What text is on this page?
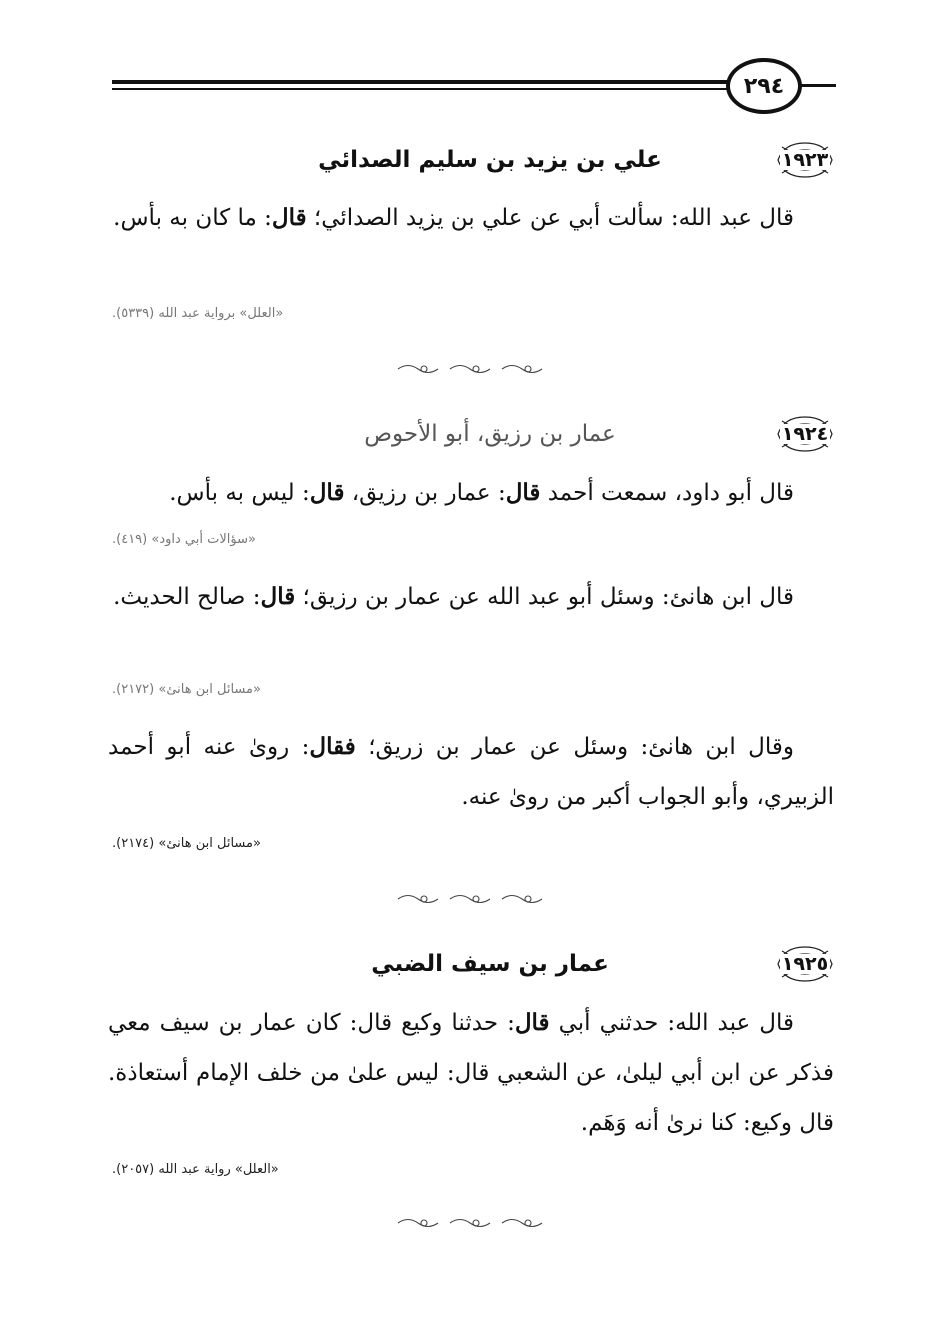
٢٩٤
١٩٢٣
علي بن يزيد بن سليم الصدائي
قال عبد الله: سألت أبي عن علي بن يزيد الصدائي؛ قال: ما كان به بأس.
«العلل» برواية عبد الله (٥٣٣٩).
١٩٢٤
عمار بن رزيق، أبو الأحوص
قال أبو داود، سمعت أحمد قال: عمار بن رزيق، قال: ليس به بأس.
«سؤالات أبي داود» (٤١٩).
قال ابن هانئ: وسئل أبو عبد الله عن عمار بن رزيق؛ قال: صالح الحديث.
«مسائل ابن هانئ» (٢١٧٢).
وقال ابن هانئ: وسئل عن عمار بن زريق؛ فقال: رویٰ عنه أبو أحمد الزبيري، وأبو الجواب أكبر من رویٰ عنه.
«مسائل ابن هانئ» (٢١٧٤).
١٩٢٥
عمار بن سيف الضبي
قال عبد الله: حدثني أبي قال: حدثنا وكيع قال: كان عمار بن سيف معي فذكر عن ابن أبي ليلىٰ، عن الشعبي قال: ليس علىٰ من خلف الإمام أستعاذة. قال وكيع: كنا نرىٰ أنه وَهَم.
«العلل» رواية عبد الله (٢٠٥٧).
